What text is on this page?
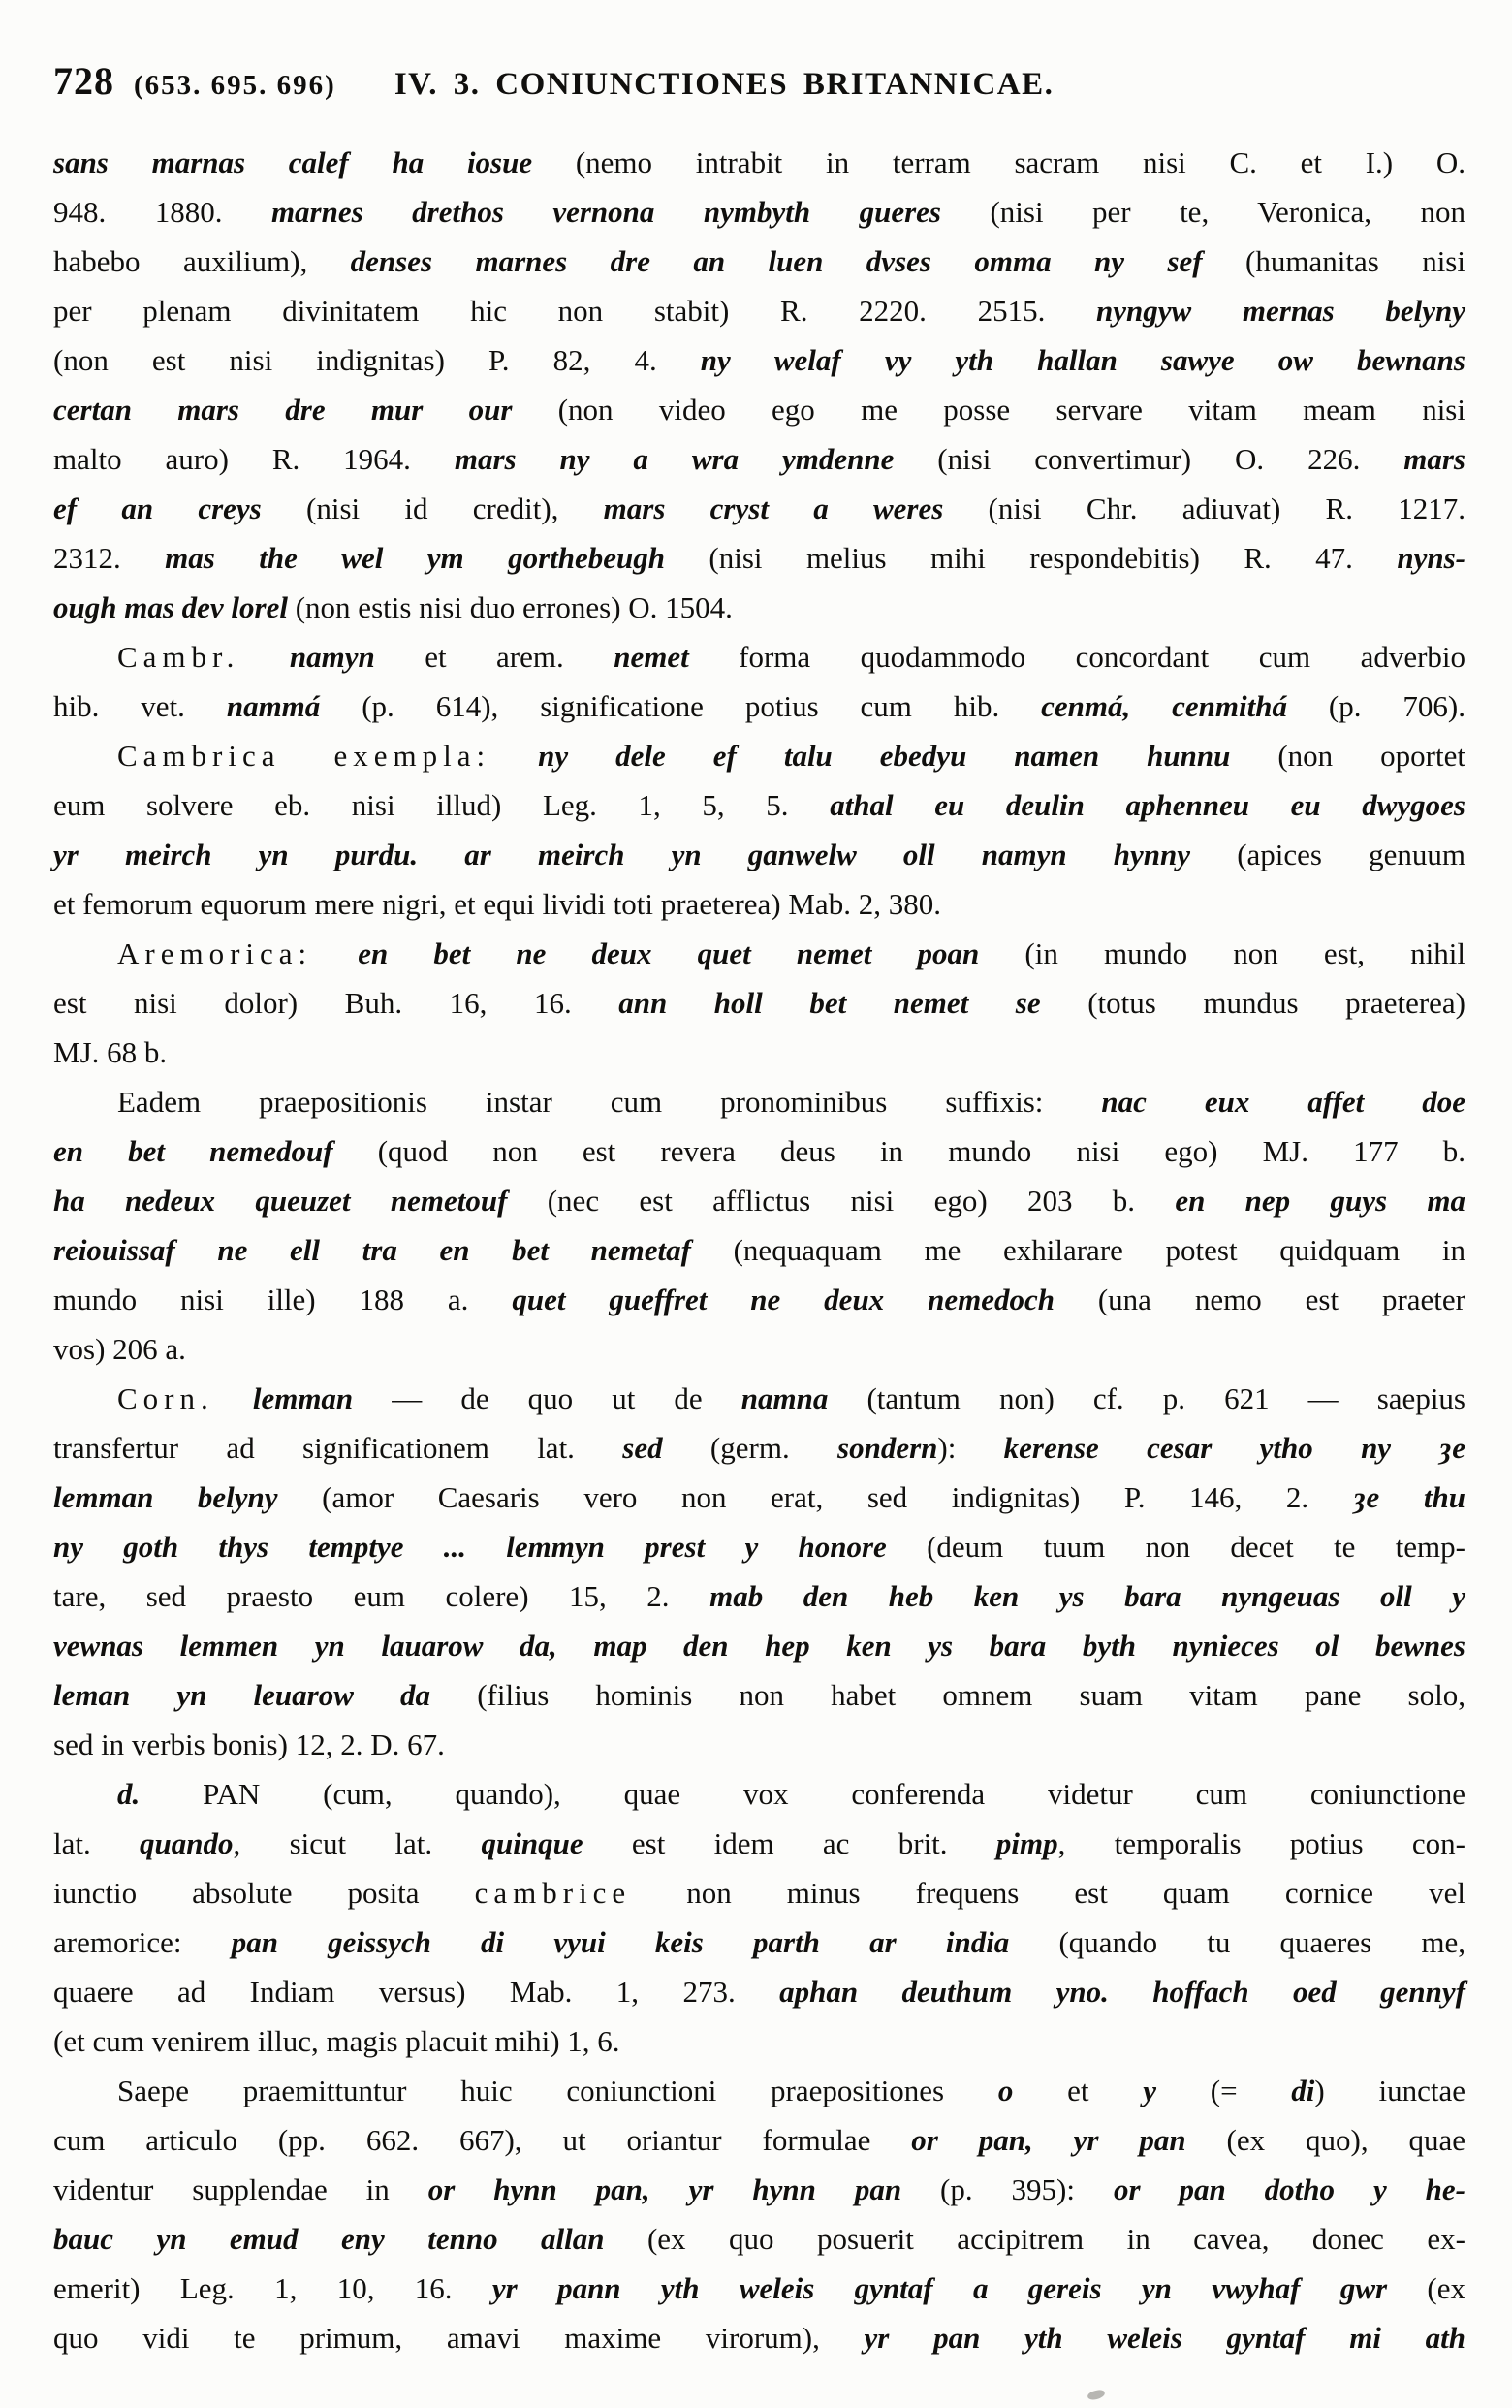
728 (653. 695. 696) IV. 3. CONIUNCTIONES BRITANNICAE.
sans marnas calef ha iosue (nemo intrabit in terram sacram nisi C. et I.) O.
948. 1880. marnes drethos vernona nymbyth gueres (nisi per te, Veronica, non
habebo auxilium), denses marnes dre an luen dvses omma ny sef (humanitas nisi
per plenam divinitatem hic non stabit) R. 2220. 2515. nyngyw mernas belyny
(non est nisi indignitas) P. 82, 4. ny welaf vy yth hallan sawye ow bewnans
certan mars dre mur our (non video ego me posse servare vitam meam nisi
malto auro) R. 1964. mars ny a wra ymdenne (nisi convertimur) O. 226. mars
ef an creys (nisi id credit), mars cryst a weres (nisi Chr. adiuvat) R. 1217.
2312. mas the wel ym gorthebeugh (nisi melius mihi respondebitis) R. 47. nyns-
ough mas dev lorel (non estis nisi duo errones) O. 1504.
Cambr. namyn et arem. nemet forma quodammodo concordant cum adverbio
hib. vet. nammá (p. 614), significatione potius cum hib. cenmá, cenmithá (p. 706).
Cambrica exempla: ny dele ef talu ebedyu namen hunnu (non oportet
eum solvere eb. nisi illud) Leg. 1, 5, 5. athal eu deulin aphenneu eu dwygoes
yr meirch yn purdu. ar meirch yn ganwelw oll namyn hynny (apices genuum
et femorum equorum mere nigri, et equi lividi toti praeterea) Mab. 2, 380.
Aremorica: en bet ne deux quet nemet poan (in mundo non est, nihil
est nisi dolor) Buh. 16, 16. ann holl bet nemet se (totus mundus praeterea)
MJ. 68 b.
Eadem praepositionis instar cum pronominibus suffixis: nac eux affet doe
en bet nemedouf (quod non est revera deus in mundo nisi ego) MJ. 177 b.
ha nedeux queuzet nemetouf (nec est afflictus nisi ego) 203 b. en nep guys ma
reiouissaf ne ell tra en bet nemetaf (nequaquam me exhilarare potest quidquam in
mundo nisi ille) 188 a. quet gueffret ne deux nemedoch (una nemo est praeter
vos) 206 a.
Corn. lemman — de quo ut de namna (tantum non) cf. p. 621 — saepius
transfertur ad significationem lat. sed (germ. sondern): kerense cesar ytho ny ȝe
lemman belyny (amor Caesaris vero non erat, sed indignitas) P. 146, 2. ȝe thu
ny goth thys temptye ... lemmyn prest y honore (deum tuum non decet te temp-
tare, sed praesto eum colere) 15, 2. mab den heb ken ys bara nyngeuas oll y
vewnas lemmen yn lauarow da, map den hep ken ys bara byth nynieces ol bewnes
leman yn leuarow da (filius hominis non habet omnem suam vitam pane solo,
sed in verbis bonis) 12, 2. D. 67.
d. PAN (cum, quando), quae vox conferenda videtur cum coniunctione
lat. quando, sicut lat. quinque est idem ac brit. pimp, temporalis potius con-
iunctio absolute posita cambrice non minus frequens est quam cornice vel
aremorice: pan geissych di vyui keis parth ar india (quando tu quaeres me,
quaere ad Indiam versus) Mab. 1, 273. aphan deuthum yno. hoffach oed gennyf
(et cum venirem illuc, magis placuit mihi) 1, 6.
Saepe praemittuntur huic coniunctioni praepositiones o et y (= di) iunctae
cum articulo (pp. 662. 667), ut oriantur formulae or pan, yr pan (ex quo), quae
videntur supplendae in or hynn pan, yr hynn pan (p. 395): or pan dotho y he-
bauc yn emud eny tenno allan (ex quo posuerit accipitrem in cavea, donec ex-
emerit) Leg. 1, 10, 16. yr pann yth weleis gyntaf a gereis yn vwyhaf gwr (ex
quo vidi te primum, amavi maxime virorum), yr pan yth weleis gyntaf mi ath
